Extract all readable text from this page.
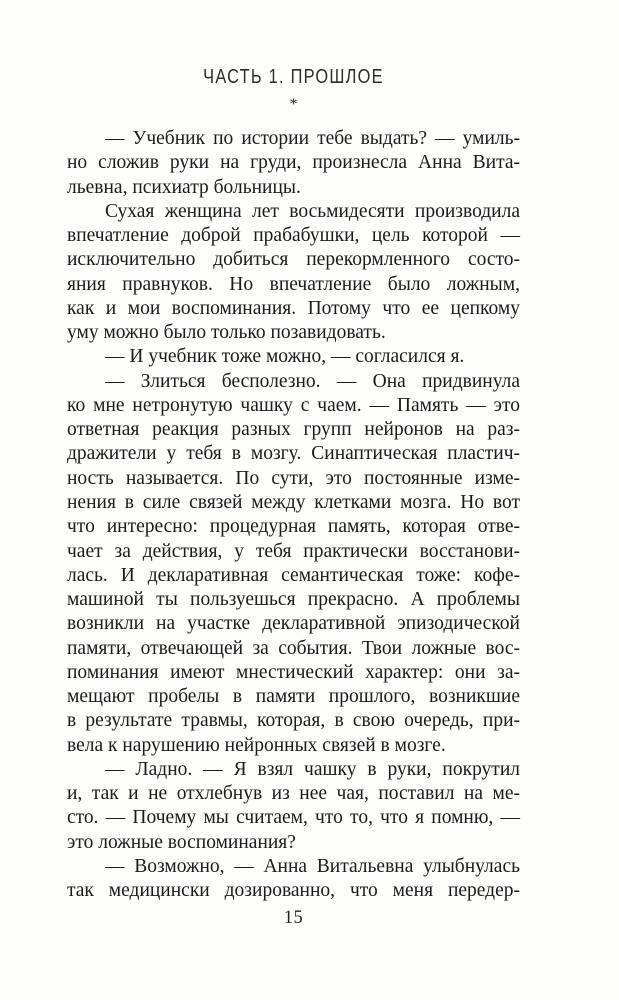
ЧАСТЬ 1. ПРОШЛОЕ
*
— Учебник по истории тебе выдать? — умиль-
но сложив руки на груди, произнесла Анна Вита-
льевна, психиатр больницы.
Сухая женщина лет восьмидесяти производила
впечатление доброй прабабушки, цель которой —
исключительно добиться перекормленного состо-
яния правнуков. Но впечатление было ложным,
как и мои воспоминания. Потому что ее цепкому
уму можно было только позавидовать.
— И учебник тоже можно, — согласился я.
— Злиться бесполезно. — Она придвинула
ко мне нетронутую чашку с чаем. — Память — это
ответная реакция разных групп нейронов на раз-
дражители у тебя в мозгу. Синаптическая пластич-
ность называется. По сути, это постоянные изме-
нения в силе связей между клетками мозга. Но вот
что интересно: процедурная память, которая отве-
чает за действия, у тебя практически восстанови-
лась. И декларативная семантическая тоже: кофе-
машиной ты пользуешься прекрасно. А проблемы
возникли на участке декларативной эпизодической
памяти, отвечающей за события. Твои ложные вос-
поминания имеют мнестический характер: они за-
мещают пробелы в памяти прошлого, возникшие
в результате травмы, которая, в свою очередь, при-
вела к нарушению нейронных связей в мозге.
— Ладно. — Я взял чашку в руки, покрутил
и, так и не отхлебнув из нее чая, поставил на ме-
сто. — Почему мы считаем, что то, что я помню, —
это ложные воспоминания?
— Возможно, — Анна Витальевна улыбнулась
так медицински дозированно, что меня передер-
15
